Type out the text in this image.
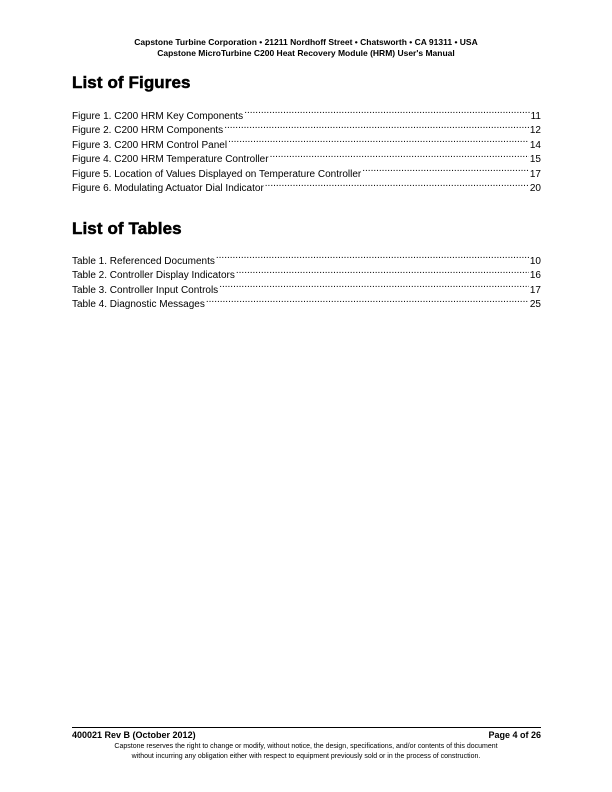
Capstone Turbine Corporation • 21211 Nordhoff Street • Chatsworth • CA 91311 • USA
Capstone MicroTurbine C200 Heat Recovery Module (HRM) User's Manual
List of Figures
Figure 1. C200 HRM Key Components .....	11
Figure 2. C200 HRM Components .....	12
Figure 3. C200 HRM Control Panel .....	14
Figure 4. C200 HRM Temperature Controller .....	15
Figure 5. Location of Values Displayed on Temperature Controller .....	17
Figure 6. Modulating Actuator Dial Indicator .....	20
List of Tables
Table 1. Referenced Documents .....	10
Table 2. Controller Display Indicators .....	16
Table 3. Controller Input Controls .....	17
Table 4. Diagnostic Messages .....	25
400021 Rev B (October 2012)	Page 4 of 26
Capstone reserves the right to change or modify, without notice, the design, specifications, and/or contents of this document
without incurring any obligation either with respect to equipment previously sold or in the process of construction.
